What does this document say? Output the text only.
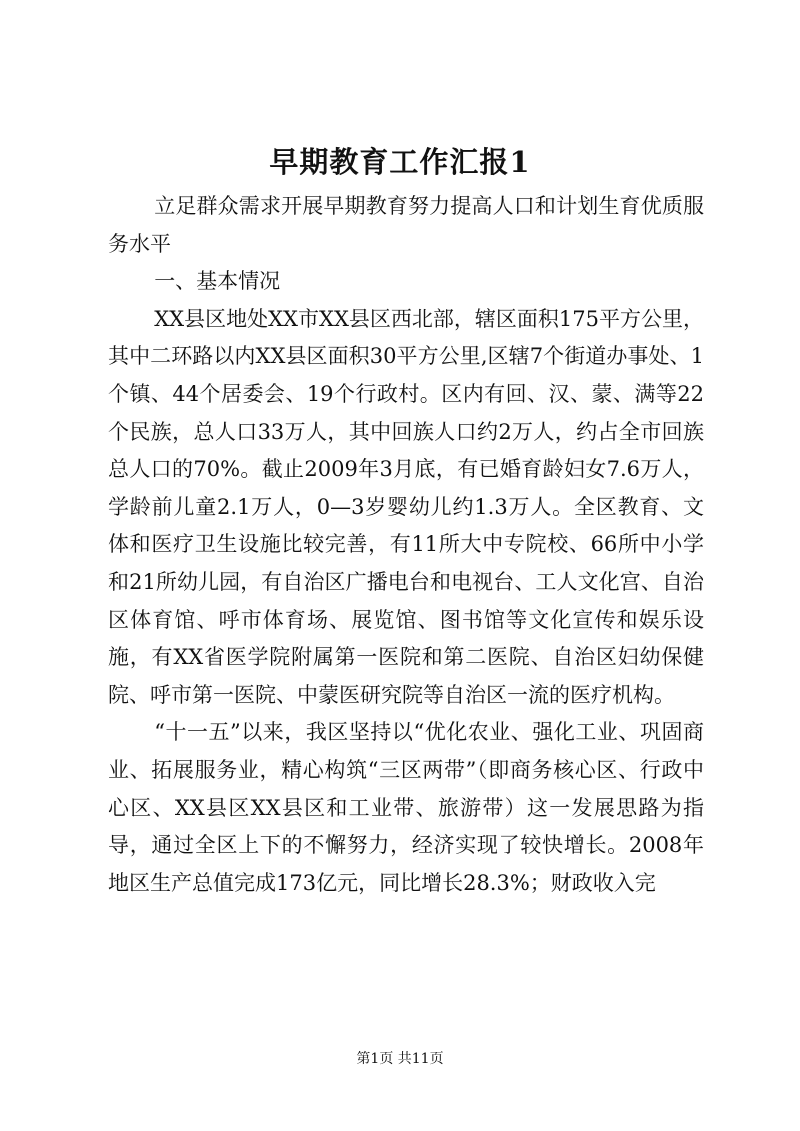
早期教育工作汇报1

立足群众需求开展早期教育努力提高人口和计划生育优质服务水平

一、基本情况

XX县区地处XX市XX县区西北部，辖区面积175平方公里，其中二环路以内XX县区面积30平方公里,区辖7个街道办事处、1个镇、44个居委会、19个行政村。区内有回、汉、蒙、满等22个民族，总人口33万人，其中回族人口约2万人，约占全市回族总人口的70%。截止2009年3月底，有已婚育龄妇女7.6万人，学龄前儿童2.1万人，0—3岁婴幼儿约1.3万人。全区教育、文体和医疗卫生设施比较完善，有11所大中专院校、66所中小学和21所幼儿园，有自治区广播电台和电视台、工人文化宫、自治区体育馆、呼市体育场、展览馆、图书馆等文化宣传和娱乐设施，有XX省医学院附属第一医院和第二医院、自治区妇幼保健院、呼市第一医院、中蒙医研究院等自治区一流的医疗机构。

“十一五”以来，我区坚持以“优化农业、强化工业、巩固商业、拓展服务业，精心构筑“三区两带”（即商务核心区、行政中心区、XX县区XX县区和工业带、旅游带）这一发展思路为指导，通过全区上下的不懈努力，经济实现了较快增长。2008年地区生产总值完成173亿元，同比增长28.3%；财政收入完

第1页 共11页
